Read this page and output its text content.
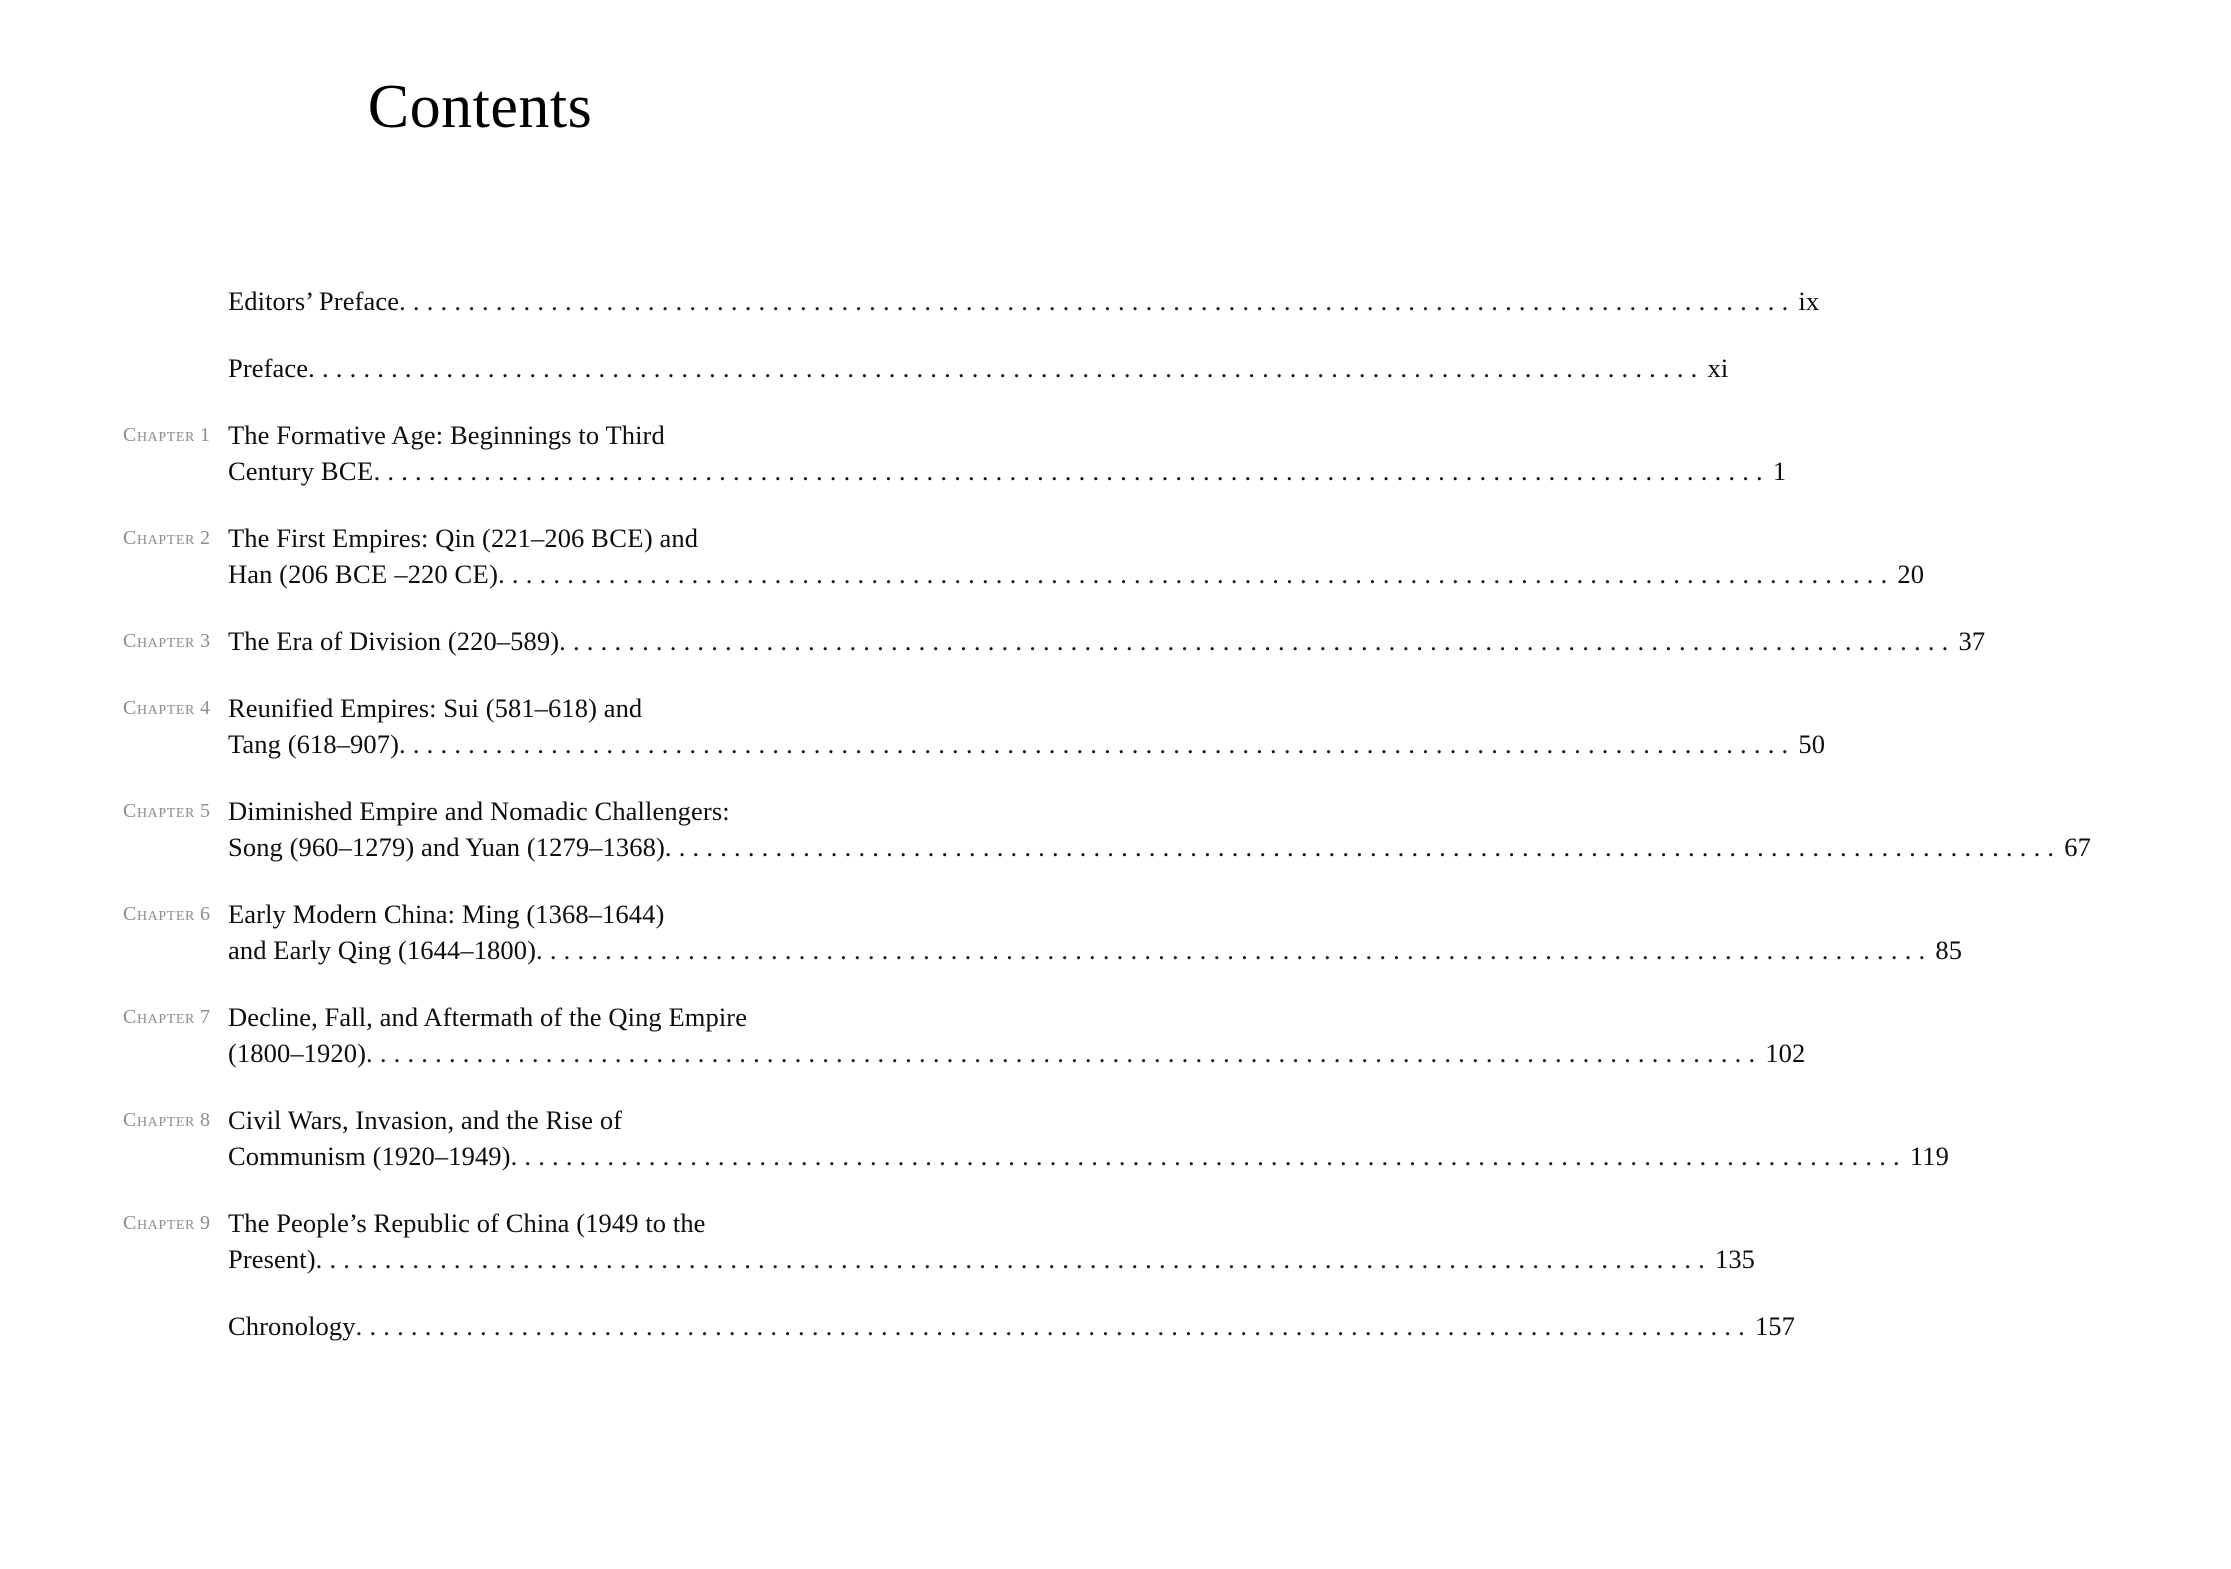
Contents
Editors’ Preface .....	ix
Preface .....	xi
Chapter 1 The Formative Age: Beginnings to Third
Century BCE .....	1
Chapter 2 The First Empires: Qin (221–206 BCE) and
Han (206 BCE –220 CE) .....	20
Chapter 3 The Era of Division (220–589) .....	37
Chapter 4 Reunified Empires: Sui (581–618) and
Tang (618–907) .....	50
Chapter 5 Diminished Empire and Nomadic Challengers:
Song (960–1279) and Yuan (1279–1368) .....	67
Chapter 6 Early Modern China: Ming (1368–1644)
and Early Qing (1644–1800) .....	85
Chapter 7 Decline, Fall, and Aftermath of the Qing Empire
(1800–1920) .....	102
Chapter 8 Civil Wars, Invasion, and the Rise of
Communism (1920–1949) .....	119
Chapter 9 The People’s Republic of China (1949 to the
Present) .....	135
Chronology .....	157
